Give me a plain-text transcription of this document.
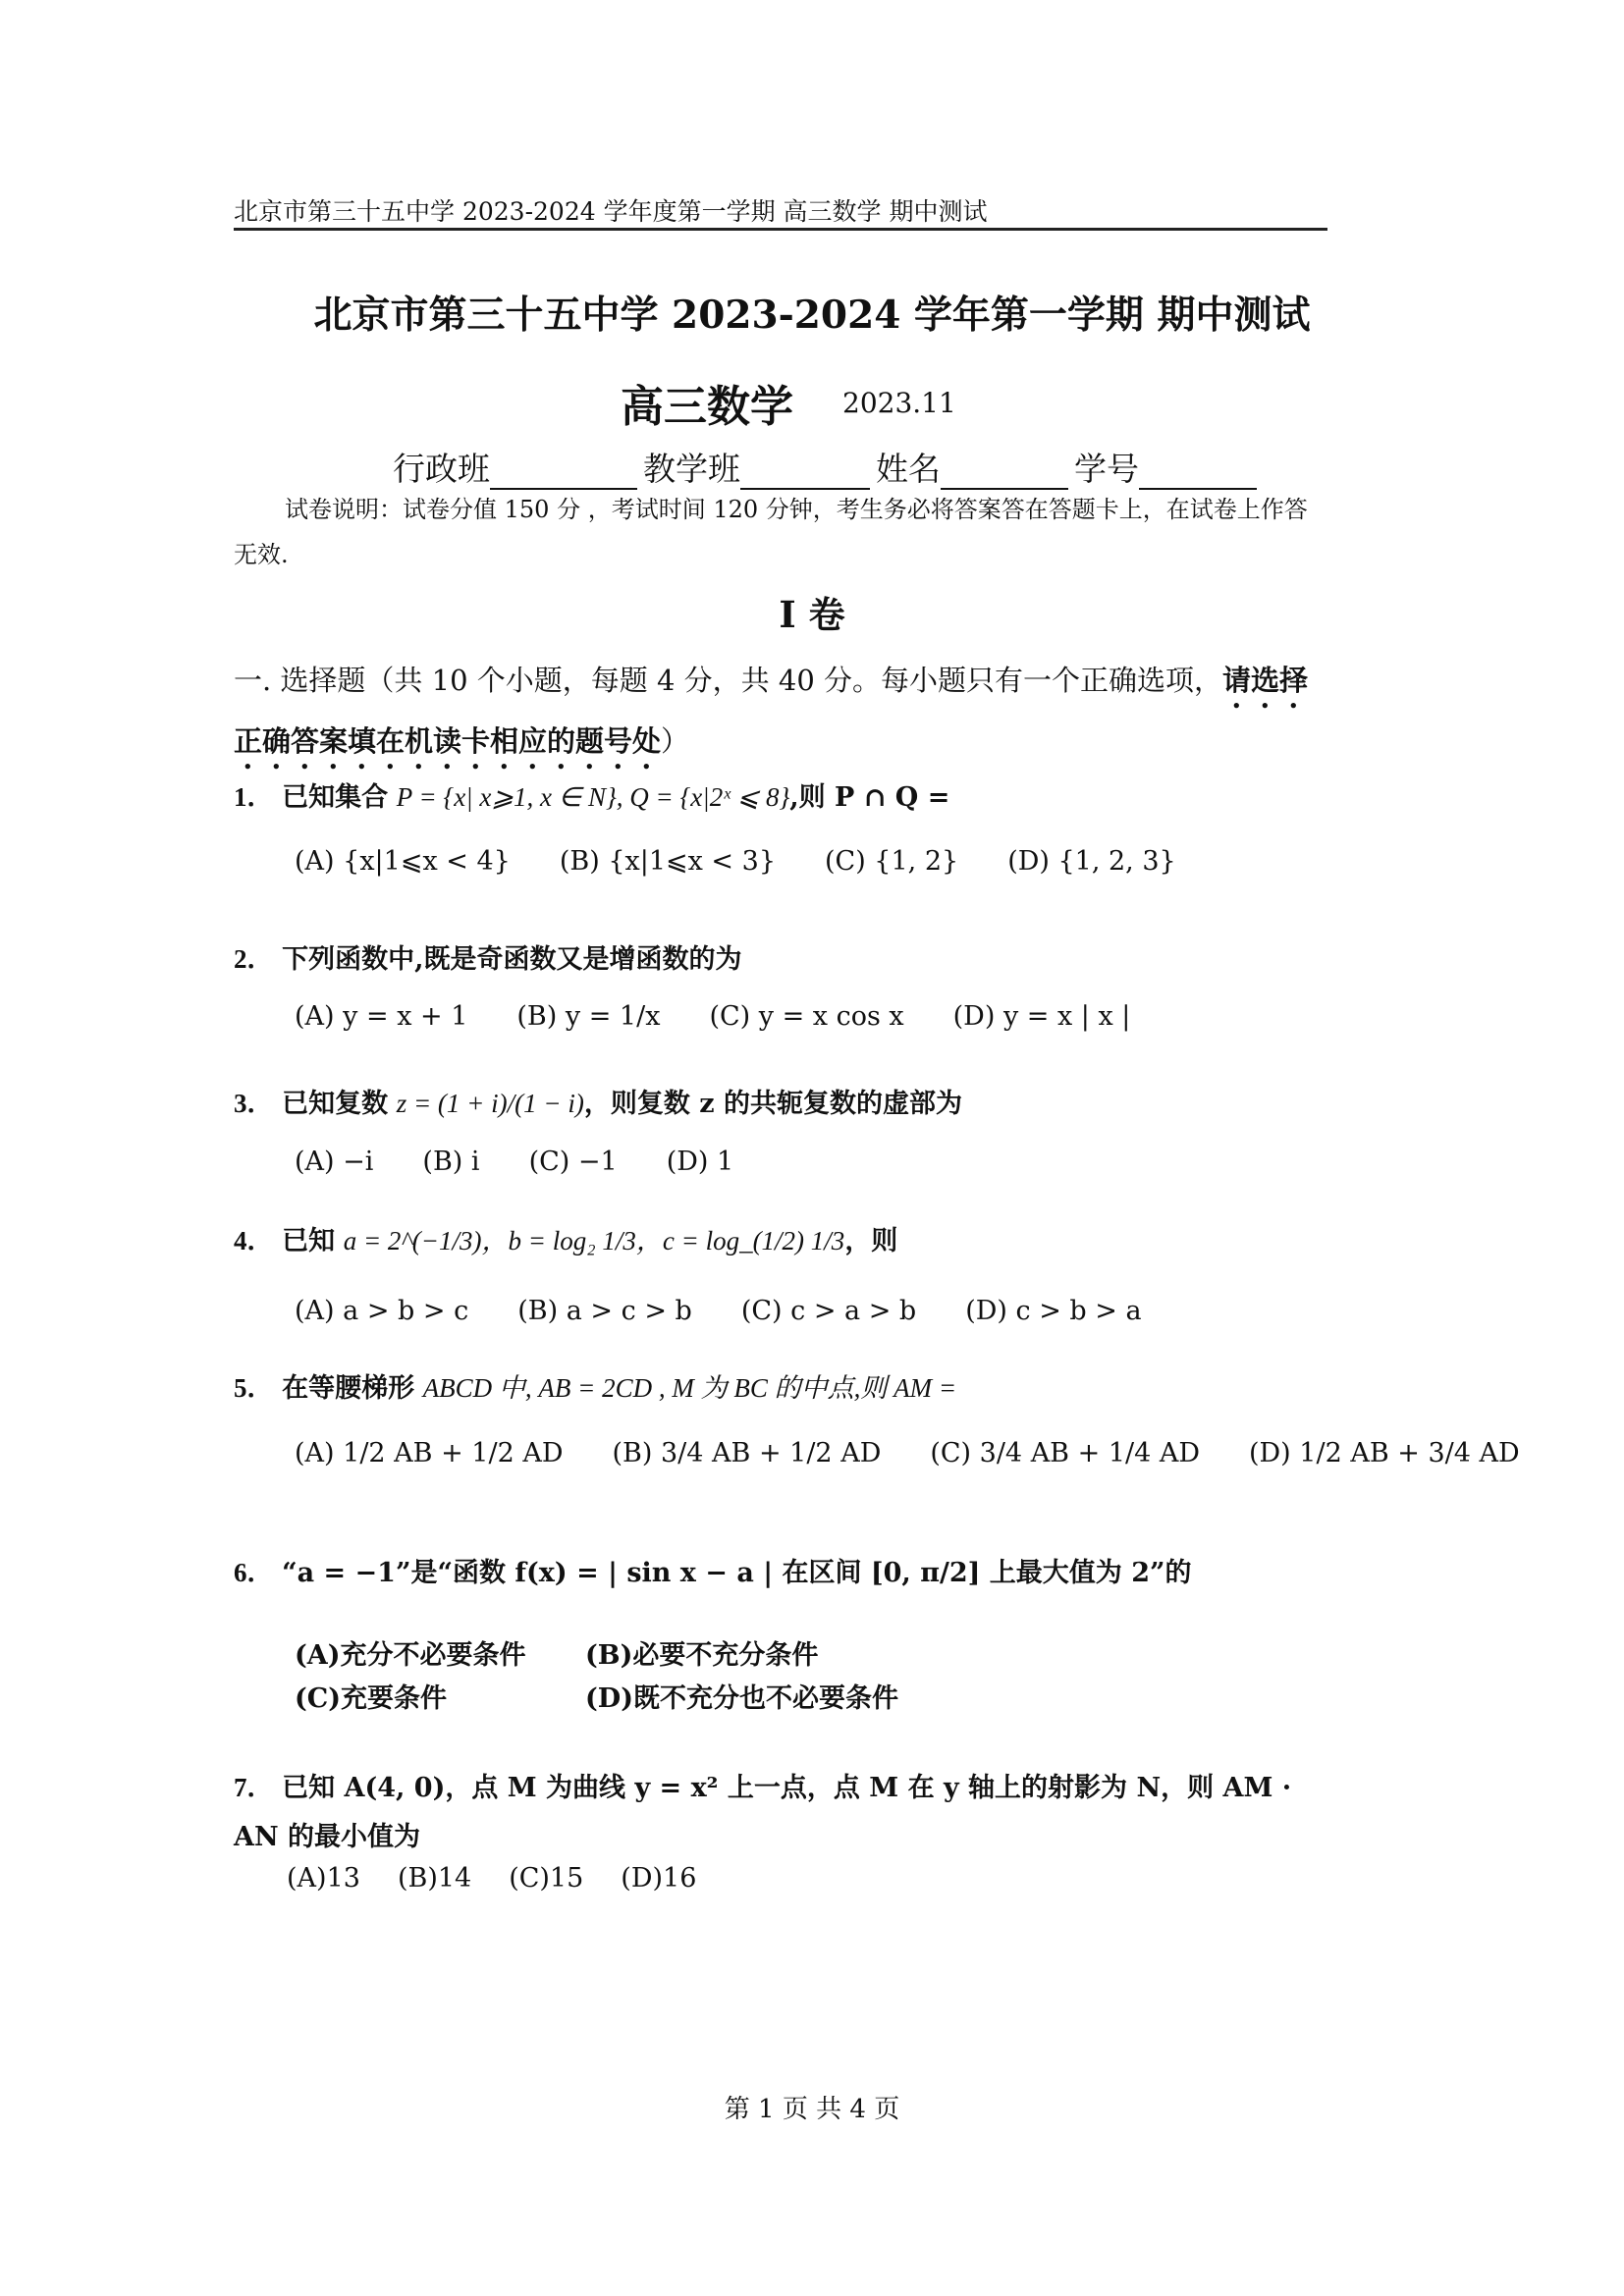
北京市第三十五中学 2023-2024 学年度第一学期 高三数学 期中测试
北京市第三十五中学 2023-2024 学年第一学期 期中测试
高三数学 2023.11
行政班	教学班	姓名	学号
试卷说明：试卷分值 150 分 ，考试时间 120 分钟，考生务必将答案答在答题卡上，在试卷上作答无效.
I 卷
一. 选择题（共 10 个小题，每题 4 分，共 40 分。每小题只有一个正确选项，请选择正确答案填在机读卡相应的题号处）
1． 已知集合 P = {x| x⩾1, x ∈ N}, Q = {x|2ˣ ⩽ 8},则 P ∩ Q =
(A) {x|1⩽x < 4} (B) {x|1⩽x < 3} (C) {1, 2} (D) {1, 2, 3}
2． 下列函数中,既是奇函数又是增函数的为
(A) y = x + 1 (B) y = 1/x (C) y = x cos x (D) y = x | x |
3． 已知复数 z = (1 + i)/(1 − i)，则复数 z 的共轭复数的虚部为
(A) −i (B) i (C) −1 (D) 1
4． 已知 a = 2^(−1/3)，b = log₂ 1/3，c = log_(1/2) 1/3，则
(A) a > b > c (B) a > c > b (C) c > a > b (D) c > b > a
5． 在等腰梯形 ABCD 中, AB = 2CD , M 为 BC 的中点,则 AM =
(A) 1/2 AB + 1/2 AD (B) 3/4 AB + 1/2 AD (C) 3/4 AB + 1/4 AD (D) 1/2 AB + 3/4 AD
6． “a = −1”是“函数 f(x) = | sin x − a | 在区间 [0, π/2] 上最大值为 2”的
(A)充分不必要条件	(B)必要不充分条件
(C)充要条件	(D)既不充分也不必要条件
7． 已知 A(4, 0)，点 M 为曲线 y = x² 上一点，点 M 在 y 轴上的射影为 N，则 AM · AN 的最小值为
(A)13 (B)14 (C)15 (D)16
第 1 页 共 4 页
